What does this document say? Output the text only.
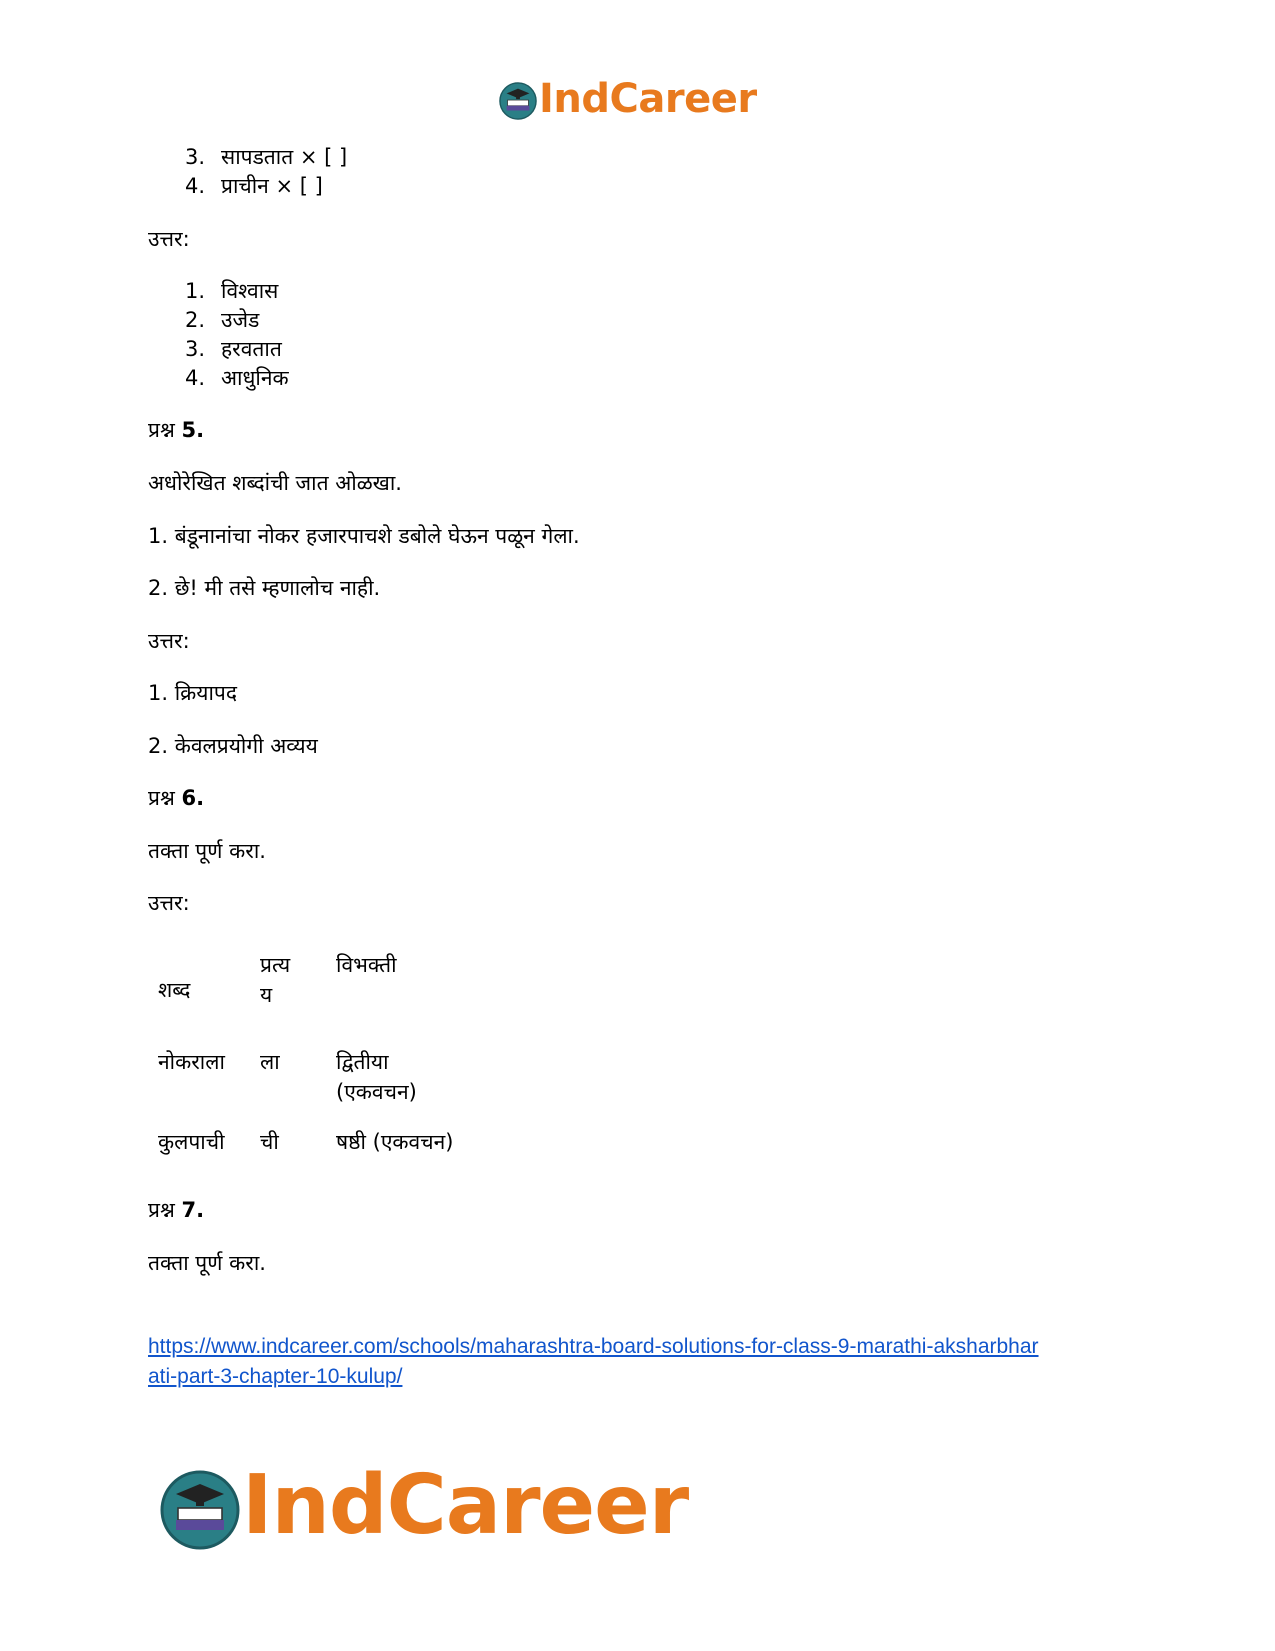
IndCareer
3. सापडतात × [ ]
4. प्राचीन × [ ]
उत्तर:
1. विश्वास
2. उजेड
3. हरवतात
4. आधुनिक
प्रश्न 5.
अधोरेखित शब्दांची जात ओळखा.
1. बंडूनानांचा नोकर हजारपाचशे डबोले घेऊन पळून गेला.
2. छे! मी तसे म्हणालोच नाही.
उत्तर:
1. क्रियापद
2. केवलप्रयोगी अव्यय
प्रश्न 6.
तक्ता पूर्ण करा.
उत्तर:
शब्द
प्रत्य
य
विभक्ती
नोकराला ला	द्वितीया
(एकवचन)
कुलपाची ची	षष्ठी (एकवचन)
प्रश्न 7.
तक्ता पूर्ण करा.
https://www.indcareer.com/schools/maharashtra-board-solutions-for-class-9-marathi-aksharbhar
ati-part-3-chapter-10-kulup/
IndCareer
